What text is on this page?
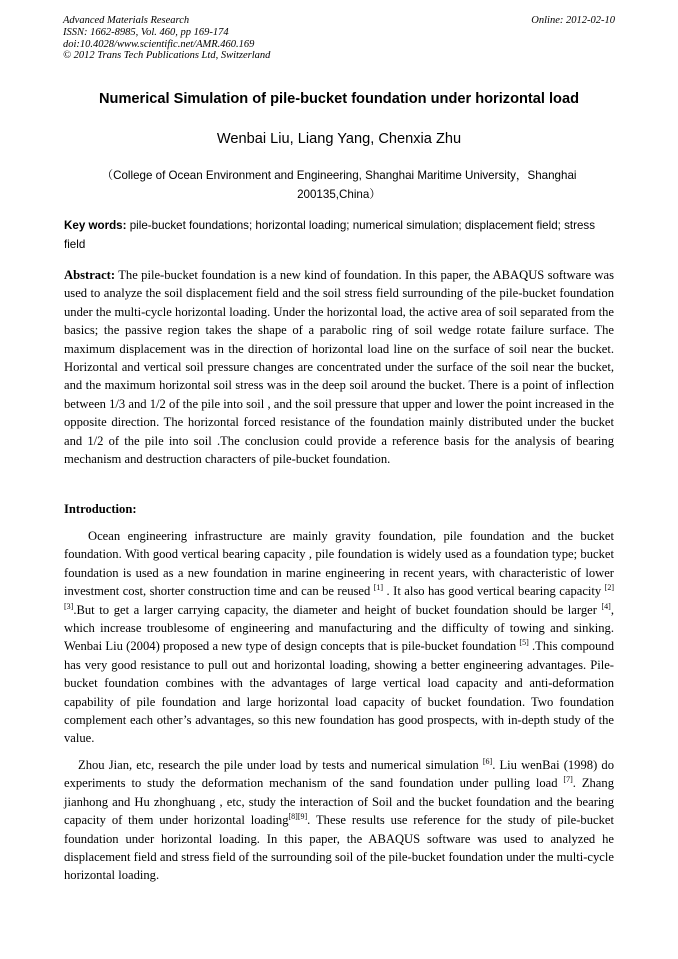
Advanced Materials Research
ISSN: 1662-8985, Vol. 460, pp 169-174
doi:10.4028/www.scientific.net/AMR.460.169
© 2012 Trans Tech Publications Ltd, Switzerland
Online: 2012-02-10
Numerical Simulation of pile-bucket foundation under horizontal load
Wenbai Liu, Liang Yang, Chenxia Zhu
（College of Ocean Environment and Engineering, Shanghai Maritime University，Shanghai 200135,China）
Key words: pile-bucket foundations; horizontal loading; numerical simulation; displacement field; stress field

Abstract: The pile-bucket foundation is a new kind of foundation. In this paper, the ABAQUS software was used to analyze the soil displacement field and the soil stress field surrounding of the pile-bucket foundation under the multi-cycle horizontal loading. Under the horizontal load, the active area of soil separated from the basics; the passive region takes the shape of a parabolic ring of soil wedge rotate failure surface. The maximum displacement was in the direction of horizontal load line on the surface of soil near the bucket. Horizontal and vertical soil pressure changes are concentrated under the surface of the soil near the bucket, and the maximum horizontal soil stress was in the deep soil around the bucket. There is a point of inflection between 1/3 and 1/2 of the pile into soil , and the soil pressure that upper and lower the point increased in the opposite direction. The horizontal forced resistance of the foundation mainly distributed under the bucket and 1/2 of the pile into soil .The conclusion could provide a reference basis for the analysis of bearing mechanism and destruction characters of pile-bucket foundation.

Introduction:

Ocean engineering infrastructure are mainly gravity foundation, pile foundation and the bucket foundation. With good vertical bearing capacity , pile foundation is widely used as a foundation type; bucket foundation is used as a new foundation in marine engineering in recent years, with characteristic of lower investment cost, shorter construction time and can be reused [1] . It also has good vertical bearing capacity [2] [3].But to get a larger carrying capacity, the diameter and height of bucket foundation should be larger [4], which increase troublesome of engineering and manufacturing and the difficulty of towing and sinking. Wenbai Liu (2004) proposed a new type of design concepts that is pile-bucket foundation [5] .This compound has very good resistance to pull out and horizontal loading, showing a better engineering advantages. Pile-bucket foundation combines with the advantages of large vertical load capacity and anti-deformation capability of pile foundation and large horizontal load capacity of bucket foundation. Two foundation complement each other’s advantages, so this new foundation has good prospects, with in-depth study of the value.

Zhou Jian, etc, research the pile under load by tests and numerical simulation [6]. Liu wenBai (1998) do experiments to study the deformation mechanism of the sand foundation under pulling load [7]. Zhang jianhong and Hu zhonghuang , etc, study the interaction of Soil and the bucket foundation and the bearing capacity of them under horizontal loading[8][9]. These results use reference for the study of pile-bucket foundation under horizontal loading. In this paper, the ABAQUS software was used to analyzed he displacement field and stress field of the surrounding soil of the pile-bucket foundation under the multi-cycle horizontal loading.
